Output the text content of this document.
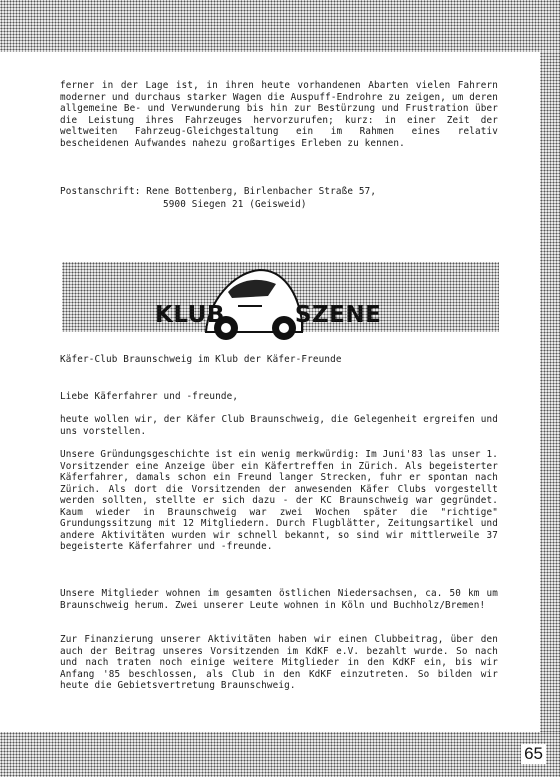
ferner in der Lage ist, in ihren heute vorhandenen Abarten vielen Fahrern moderner und durchaus starker Wagen die Auspuff-Endrohre zu zeigen, um deren allgemeine Be- und Verwunderung bis hin zur Bestürzung und Frustration über die Leistung ihres Fahrzeuges hervorzurufen; kurz: in einer Zeit der weltweiten Fahrzeug-Gleichgestaltung ein im Rahmen eines relativ bescheidenen Aufwandes nahezu großartiges Erleben zu kennen.

Postanschrift: Rene Bottenberg, Birlenbacher Straße 57,

5900 Siegen 21 (Geisweid)

KLUB	SZENE

Käfer-Club Braunschweig im Klub der Käfer-Freunde

Liebe Käferfahrer und -freunde,

heute wollen wir, der Käfer Club Braunschweig, die Gelegenheit ergreifen und uns vorstellen.

Unsere Gründungsgeschichte ist ein wenig merkwürdig: Im Juni'83 las unser 1. Vorsitzender eine Anzeige über ein Käfertreffen in Zürich. Als begeisterter Käferfahrer, damals schon ein Freund langer Strecken, fuhr er spontan nach Zürich. Als dort die Vorsitzenden der anwesenden Käfer Clubs vorgestellt werden sollten, stellte er sich dazu - der KC Braunschweig war gegründet. Kaum wieder in Braunschweig war zwei Wochen später die "richtige" Grundungssitzung mit 12 Mitgliedern. Durch Flugblätter, Zeitungsartikel und andere Aktivitäten wurden wir schnell bekannt, so sind wir mittlerweile 37 begeisterte Käferfahrer und -freunde.

Unsere Mitglieder wohnen im gesamten östlichen Niedersachsen, ca. 50 km um Braunschweig herum. Zwei unserer Leute wohnen in Köln und Buchholz/Bremen!

Zur Finanzierung unserer Aktivitäten haben wir einen Clubbeitrag, über den auch der Beitrag unseres Vorsitzenden im KdKF e.V. bezahlt wurde. So nach und nach traten noch einige weitere Mitglieder in den KdKF ein, bis wir Anfang '85 beschlossen, als Club in den KdKF einzutreten. So bilden wir heute die Gebietsvertretung Braunschweig.

65
